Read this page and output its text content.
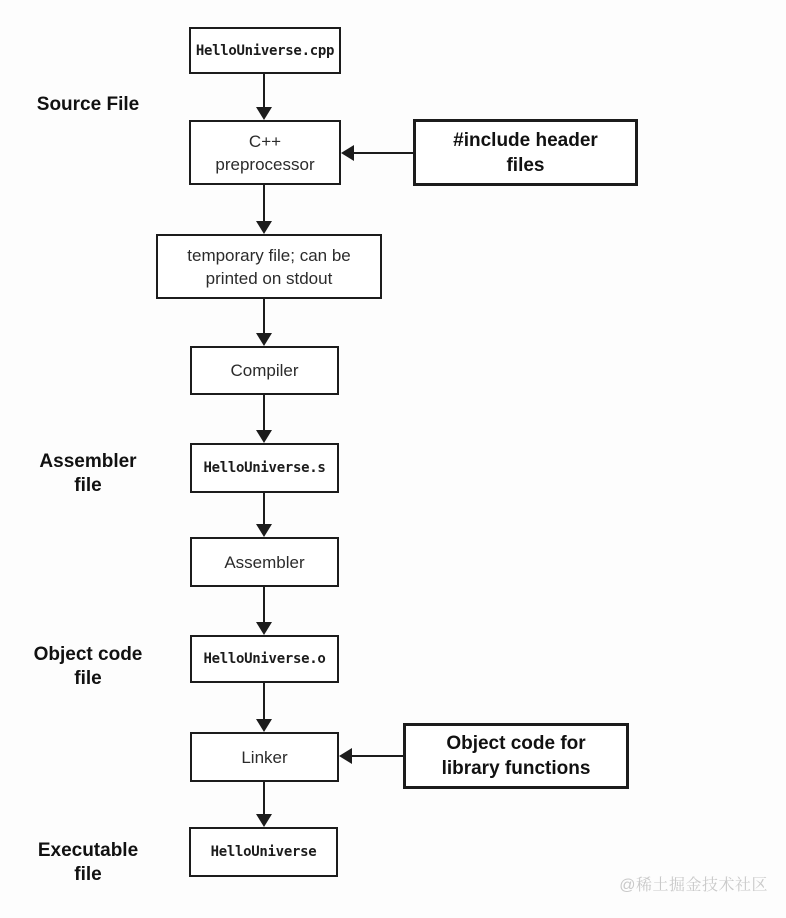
Source File
Assembler
file
Object code
file
Executable
file
HelloUniverse.cpp
C++
preprocessor
#include header
files
temporary file; can be
printed on stdout
Compiler
HelloUniverse.s
Assembler
HelloUniverse.o
Linker
Object code for
library functions
HelloUniverse
@稀土掘金技术社区
